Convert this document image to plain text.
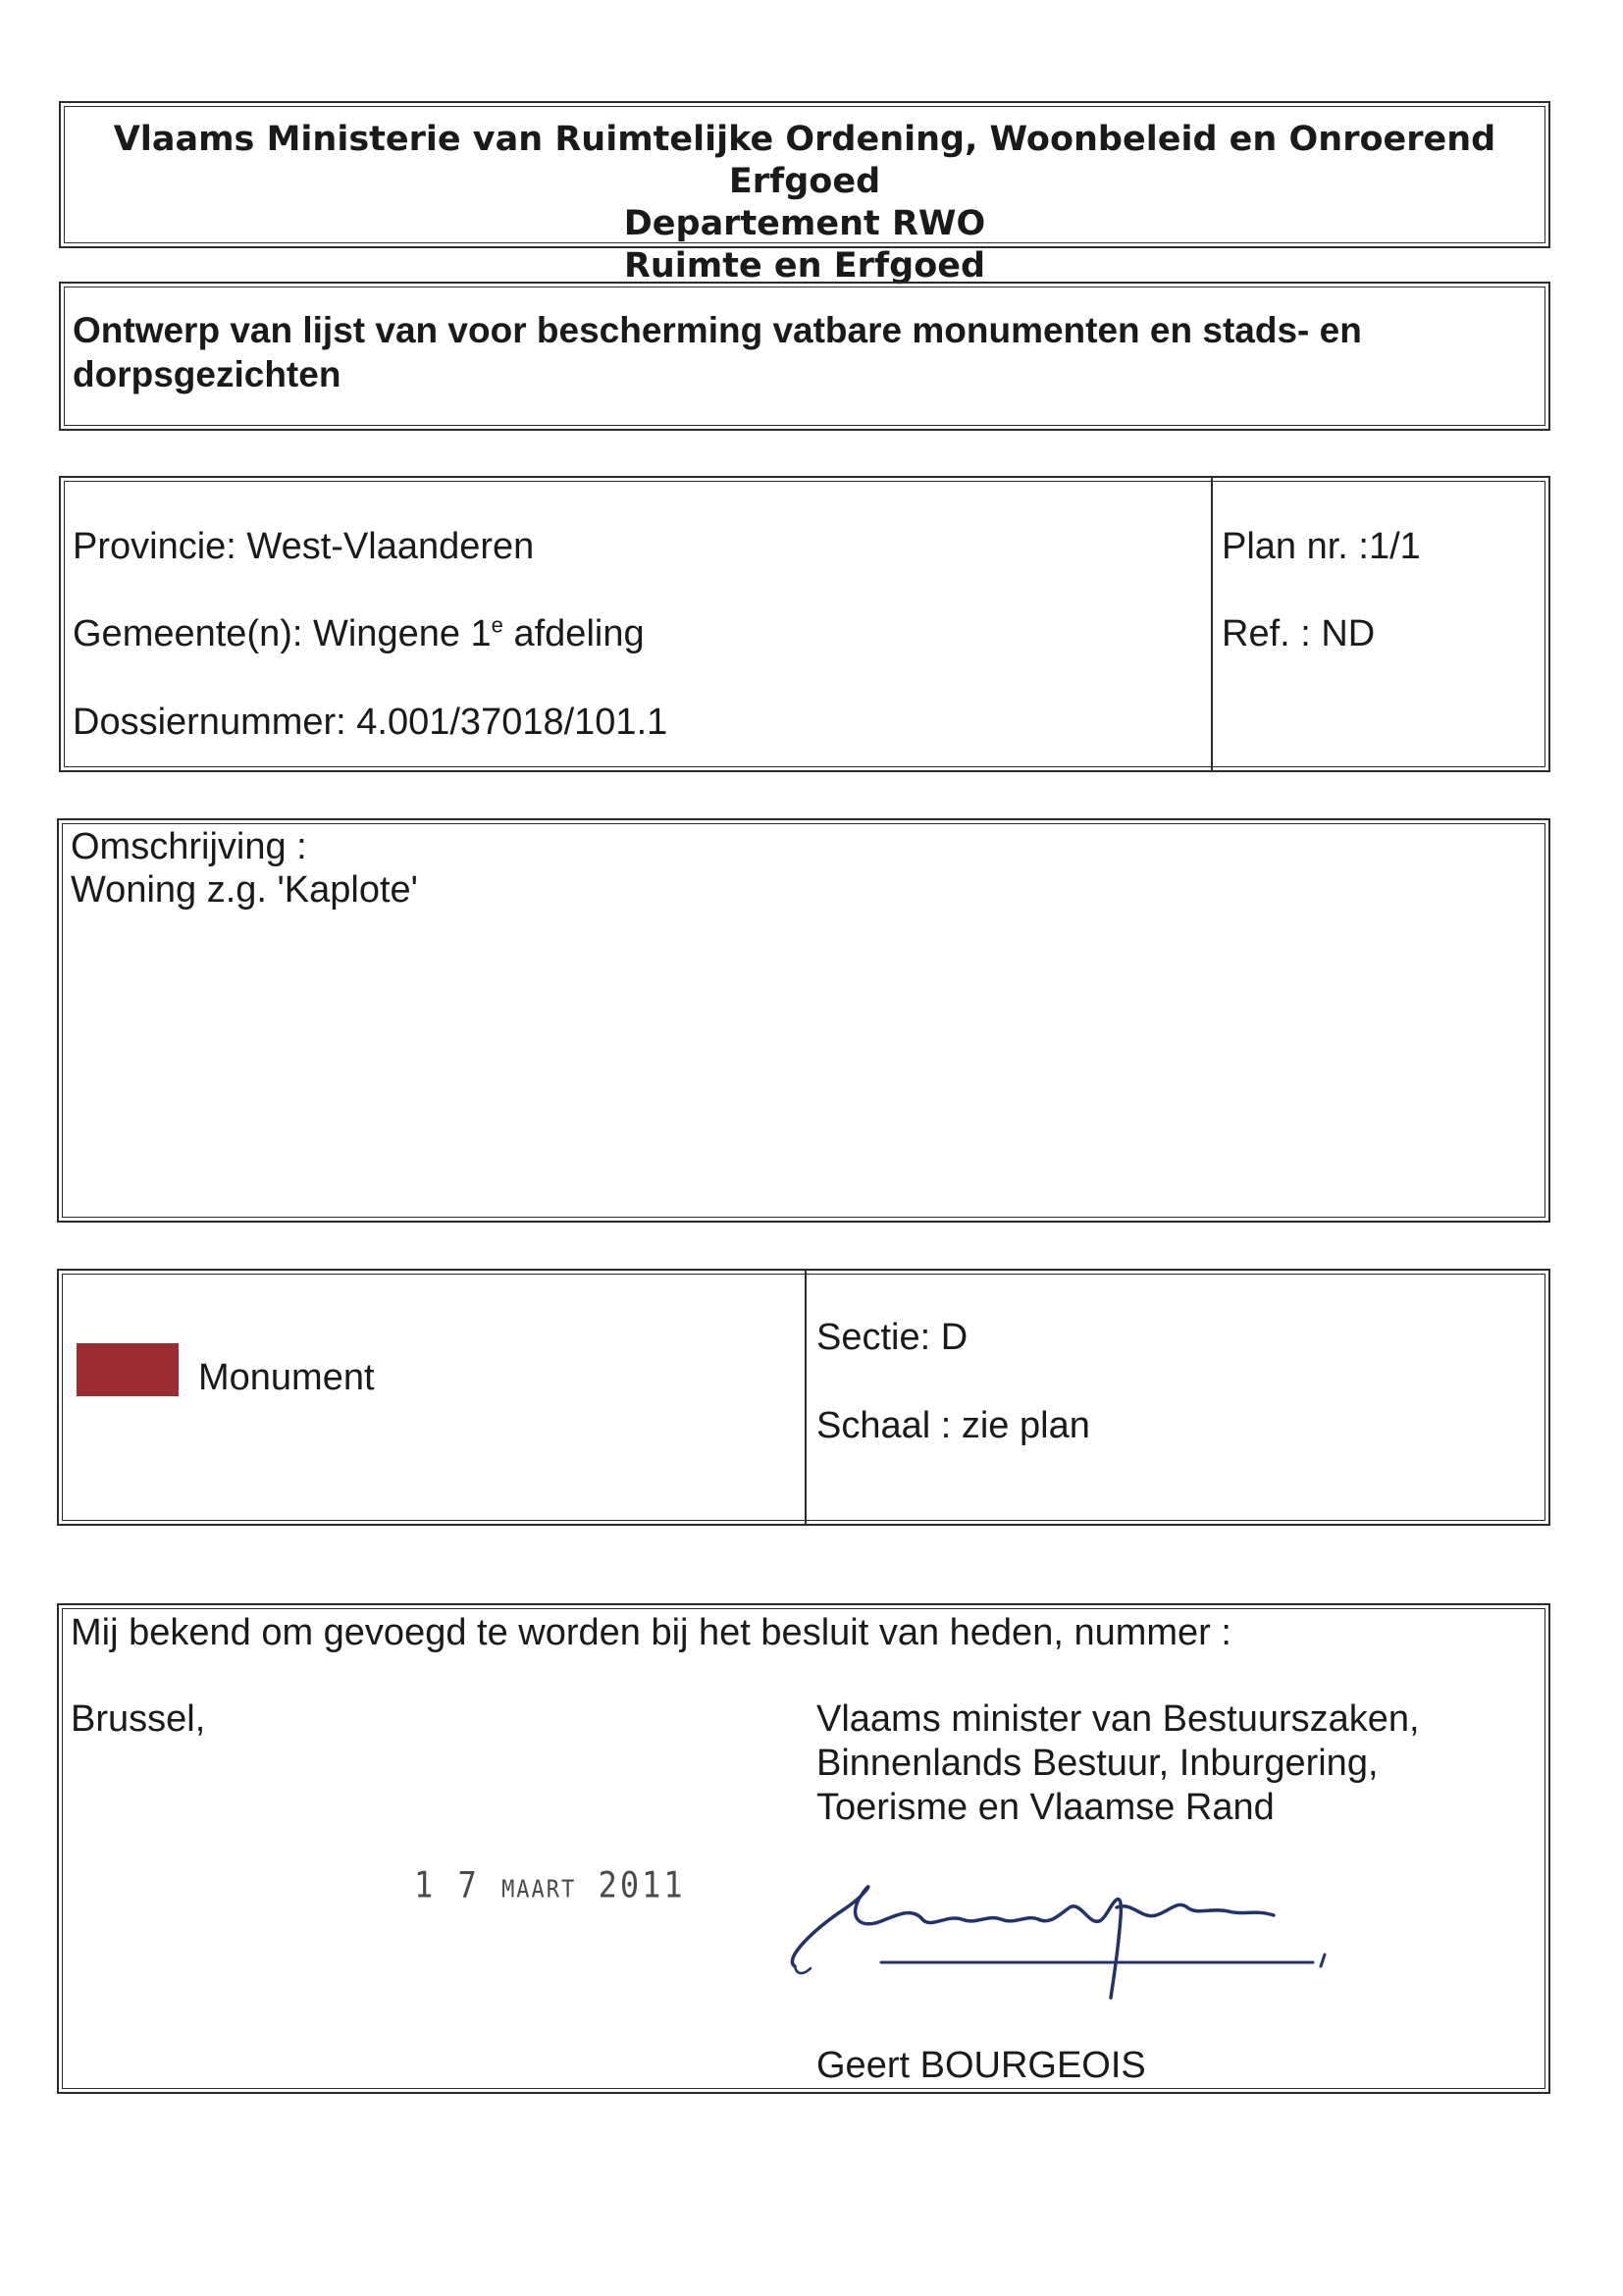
Vlaams Ministerie van Ruimtelijke Ordening, Woonbeleid en Onroerend Erfgoed
Departement RWO
Ruimte en Erfgoed
Ontwerp van lijst van voor bescherming vatbare monumenten en stads- en dorpsgezichten
Provincie: West-Vlaanderen
Gemeente(n): Wingene 1e afdeling
Dossiernummer: 4.001/37018/101.1
Plan nr. :1/1
Ref. : ND
Omschrijving :
Woning z.g. 'Kaplote'
Monument
Sectie: D
Schaal : zie plan
Mij bekend om gevoegd te worden bij het besluit van heden, nummer :
Brussel,	Vlaams minister van Bestuurszaken,
Binnenlands Bestuur, Inburgering,
Toerisme en Vlaamse Rand
Geert BOURGEOIS
1 7 MAART 2011
